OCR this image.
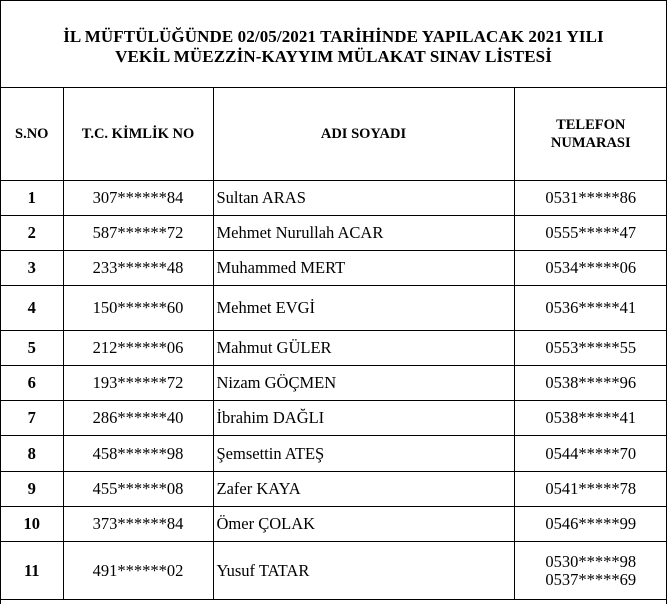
İL MÜFTÜLÜĞÜNDE 02/05/2021 TARİHİNDE YAPILACAK 2021 YILI
VEKİL MÜEZZİN-KAYYIM MÜLAKAT SINAV LİSTESİ
S.NO	T.C. KİMLİK NO	ADI SOYADI	TELEFON
NUMARASI

1	307******84	Sultan ARAS	0531*****86

2	587******72	Mehmet Nurullah ACAR	0555*****47

3	233******48	Muhammed MERT	0534*****06

4	150******60	Mehmet EVGİ	0536*****41

5	212******06	Mahmut GÜLER	0553*****55

6	193******72	Nizam GÖÇMEN	0538*****96

7	286******40	İbrahim DAĞLI	0538*****41

8	458******98	Şemsettin ATEŞ	0544*****70

9	455******08	Zafer KAYA	0541*****78

10	373******84	Ömer ÇOLAK	0546*****99

11	491******02	Yusuf TATAR	0530*****98
0537*****69
